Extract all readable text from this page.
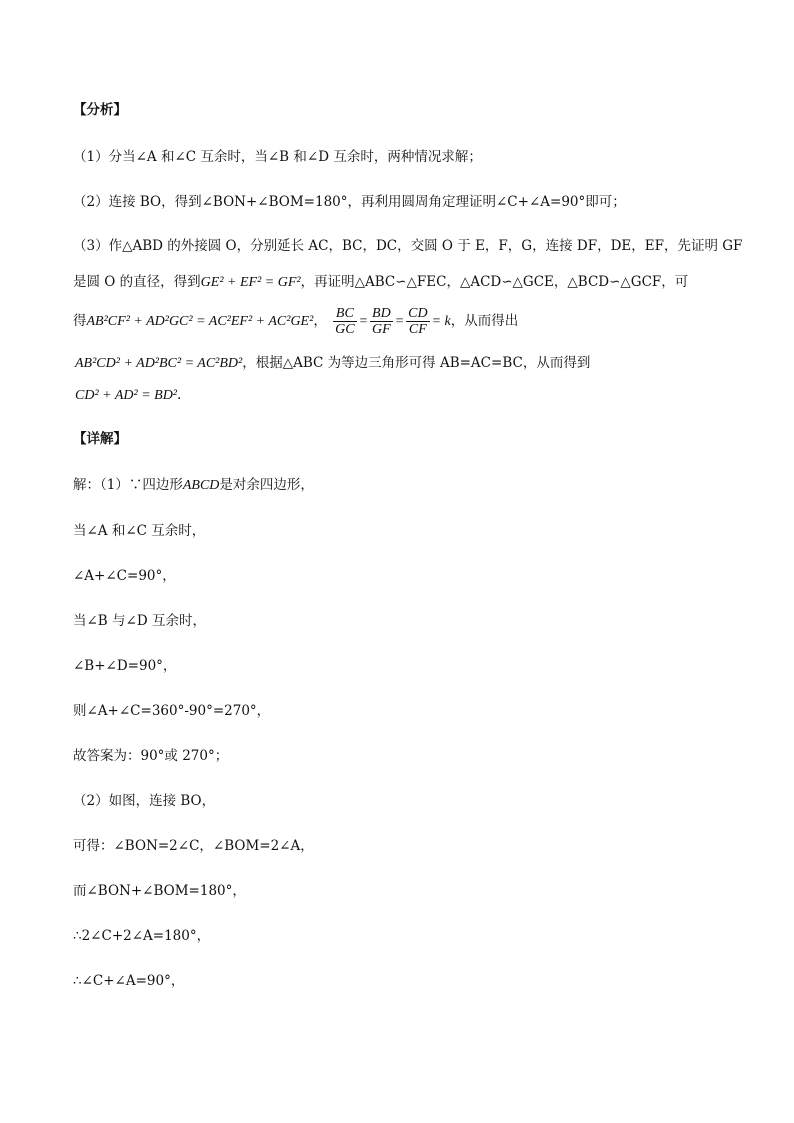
【分析】
（1）分当∠A 和∠C 互余时，当∠B 和∠D 互余时，两种情况求解；
（2）连接 BO，得到∠BON+∠BOM=180°，再利用圆周角定理证明∠C+∠A=90°即可；
（3）作△ABD 的外接圆 O，分别延长 AC，BC，DC，交圆 O 于 E，F，G，连接 DF，DE，EF，先证明 GF
是圆 O 的直径，得到GE² + EF² = GF²，再证明△ABC∽△FEC，△ACD∽△GCE，△BCD∽△GCF，可
得AB²CF² + AD²GC² = AC²EF² + AC²GE²， $\frac{BC}{GC} = \frac{BD}{GF} = \frac{CD}{CF} = k$，从而得出
AB²CD² + AD²BC² = AC²BD²，根据△ABC 为等边三角形可得 AB=AC=BC，从而得到
CD² + AD² = BD².
【详解】
解：（1）∵四边形ABCD是对余四边形，
当∠A 和∠C 互余时，
∠A+∠C=90°，
当∠B 与∠D 互余时，
∠B+∠D=90°，
则∠A+∠C=360°-90°=270°，
故答案为：90°或 270°；
（2）如图，连接 BO，
可得：∠BON=2∠C，∠BOM=2∠A，
而∠BON+∠BOM=180°，
∴2∠C+2∠A=180°，
∴∠C+∠A=90°，
